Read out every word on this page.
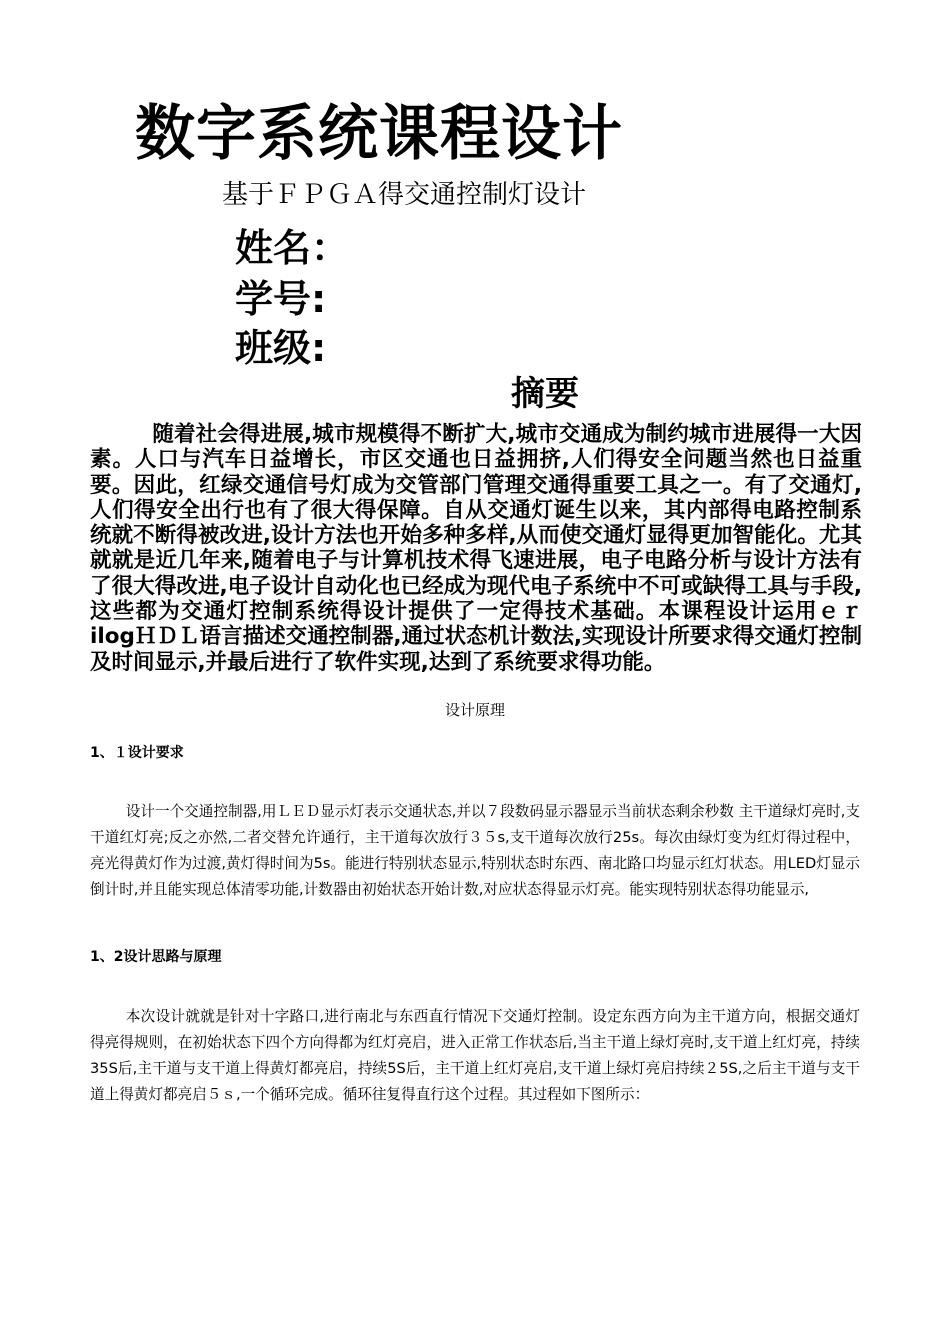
数字系统课程设计
基于ＦＰＧＡ得交通控制灯设计
姓名：
学号:
班级:
摘要

随着社会得进展,城市规模得不断扩大,城市交通成为制约城市进展得一大因素。人口与汽车日益增长，市区交通也日益拥挤,人们得安全问题当然也日益重要。因此，红绿交通信号灯成为交管部门管理交通得重要工具之一。有了交通灯,人们得安全出行也有了很大得保障。自从交通灯诞生以来，其内部得电路控制系统就不断得被改进,设计方法也开始多种多样,从而使交通灯显得更加智能化。尤其就就是近几年来,随着电子与计算机技术得飞速进展，电子电路分析与设计方法有了很大得改进,电子设计自动化也已经成为现代电子系统中不可或缺得工具与手段,这些都为交通灯控制系统得设计提供了一定得技术基础。本课程设计运用ｅｒilogＨＤＬ语言描述交通控制器,通过状态机计数法,实现设计所要求得交通灯控制及时间显示,并最后进行了软件实现,达到了系统要求得功能。

设计原理
1、１设计要求

设计一个交通控制器,用ＬＥＤ显示灯表示交通状态,并以７段数码显示器显示当前状态剩余秒数 主干道绿灯亮时,支干道红灯亮;反之亦然,二者交替允许通行，主干道每次放行３５s,支干道每次放行25s。每次由绿灯变为红灯得过程中，亮光得黄灯作为过渡,黄灯得时间为5s。能进行特别状态显示,特别状态时东西、南北路口均显示红灯状态。用LED灯显示倒计时,并且能实现总体清零功能,计数器由初始状态开始计数,对应状态得显示灯亮。能实现特别状态得功能显示,

1、2设计思路与原理

本次设计就就是针对十字路口,进行南北与东西直行情况下交通灯控制。设定东西方向为主干道方向，根据交通灯得亮得规则，在初始状态下四个方向得都为红灯亮启，进入正常工作状态后,当主干道上绿灯亮时,支干道上红灯亮，持续35S后,主干道与支干道上得黄灯都亮启，持续5S后，主干道上红灯亮启,支干道上绿灯亮启持续２5S,之后主干道与支干道上得黄灯都亮启５ｓ,一个循环完成。循环往复得直行这个过程。其过程如下图所示：
